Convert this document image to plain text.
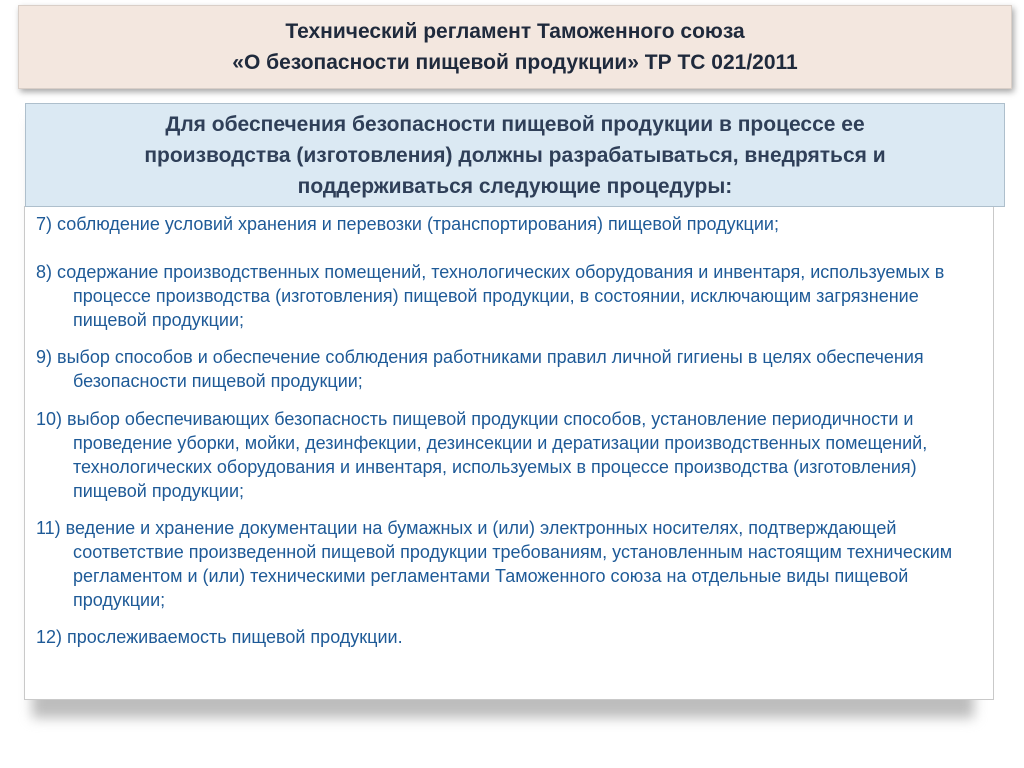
Технический регламент Таможенного союза
«О безопасности пищевой продукции» ТР ТС 021/2011
Для обеспечения безопасности пищевой продукции в процессе ее
производства (изготовления) должны разрабатываться, внедряться и
поддерживаться следующие процедуры:

7) соблюдение условий хранения и перевозки (транспортирования) пищевой продукции;

8) содержание производственных помещений, технологических оборудования и инвентаря, используемых в процессе производства (изготовления) пищевой продукции, в состоянии, исключающим загрязнение пищевой продукции;

9) выбор способов и обеспечение соблюдения работниками правил личной гигиены в целях обеспечения безопасности пищевой продукции;

10) выбор обеспечивающих безопасность пищевой продукции способов, установление периодичности и проведение уборки, мойки, дезинфекции, дезинсекции и дератизации производственных помещений, технологических оборудования и инвентаря, используемых в процессе производства (изготовления) пищевой продукции;

11) ведение и хранение документации на бумажных и (или) электронных носителях, подтверждающей соответствие произведенной пищевой продукции требованиям, установленным настоящим техническим регламентом и (или) техническими регламентами Таможенного союза на отдельные виды пищевой продукции;

12) прослеживаемость пищевой продукции.
